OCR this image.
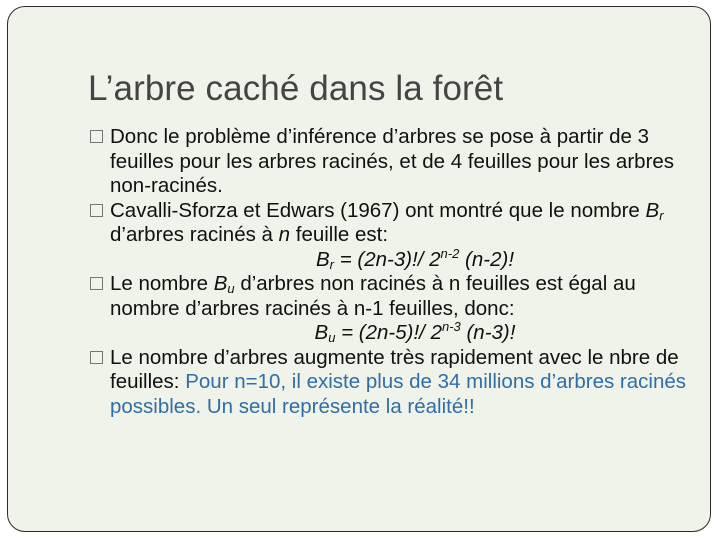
L’arbre caché dans la forêt
Donc le problème d’inférence d’arbres se pose à partir de 3 feuilles pour les arbres racinés, et de 4 feuilles pour les arbres non-racinés.
Cavalli-Sforza et Edwars (1967) ont montré que le nombre $B_r$ d’arbres racinés à n feuille est:
$B_r = (2n-3)!/$ 2$^{n-2}$ (n-2)!
Le nombre $B_u$ d’arbres non racinés à n feuilles est égal au nombre d’arbres racinés à n-1 feuilles, donc:
$B_u = (2n-5)!/$ 2$^{n-3}$ (n-3)!
Le nombre d’arbres augmente très rapidement avec le nbre de feuilles: Pour n=10, il existe plus de 34 millions d’arbres racinés possibles. Un seul représente la réalité!!
